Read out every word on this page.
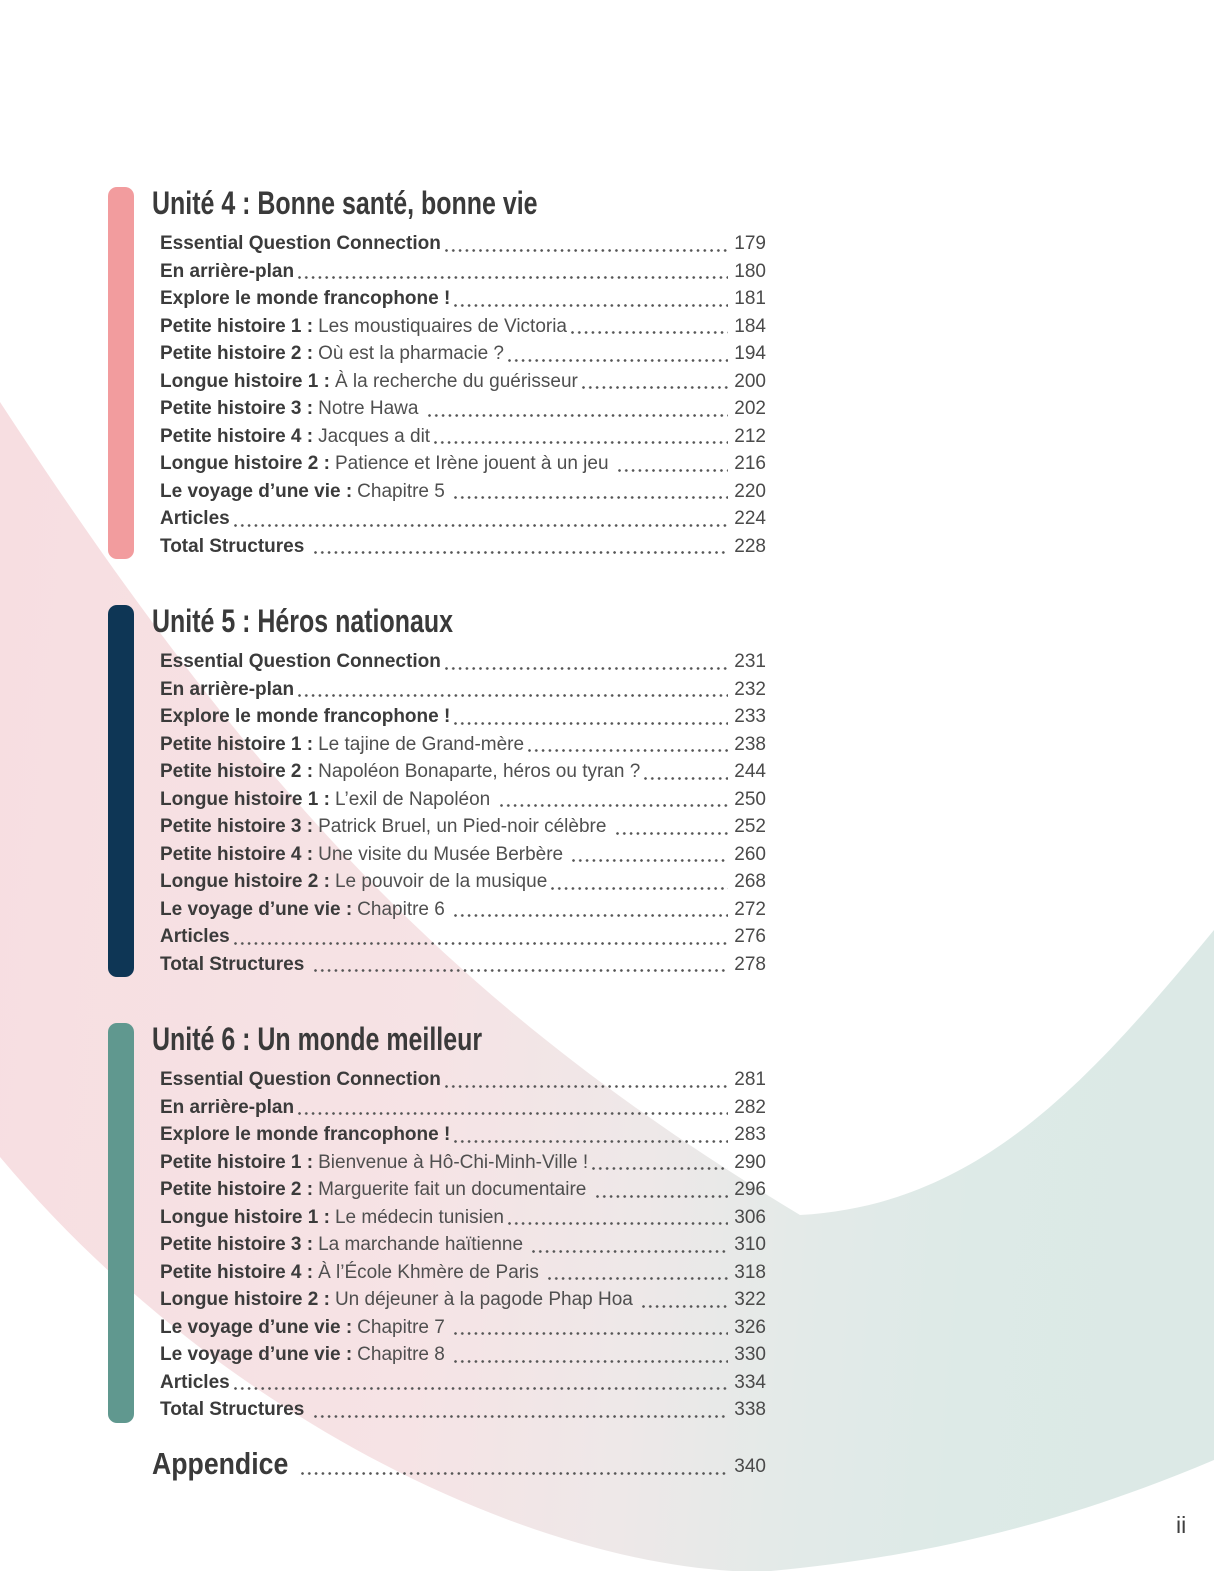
Unité 4 : Bonne santé, bonne vie
Essential Question Connection	179
En arrière-plan	180
Explore le monde francophone !	181
Petite histoire 1 : Les moustiquaires de Victoria	184
Petite histoire 2 : Où est la pharmacie ?	194
Longue histoire 1 : À la recherche du guérisseur	200
Petite histoire 3 : Notre Hawa	202
Petite histoire 4 : Jacques a dit	212
Longue histoire 2 : Patience et Irène jouent à un jeu	216
Le voyage d’une vie : Chapitre 5	220
Articles	224
Total Structures	228
Unité 5 : Héros nationaux
Essential Question Connection	231
En arrière-plan	232
Explore le monde francophone !	233
Petite histoire 1 : Le tajine de Grand-mère	238
Petite histoire 2 : Napoléon Bonaparte, héros ou tyran ?	244
Longue histoire 1 : L’exil de Napoléon	250
Petite histoire 3 : Patrick Bruel, un Pied-noir célèbre	252
Petite histoire 4 : Une visite du Musée Berbère	260
Longue histoire 2 : Le pouvoir de la musique	268
Le voyage d’une vie : Chapitre 6	272
Articles	276
Total Structures	278
Unité 6 : Un monde meilleur
Essential Question Connection	281
En arrière-plan	282
Explore le monde francophone !	283
Petite histoire 1 : Bienvenue à Hô-Chi-Minh-Ville !	290
Petite histoire 2 : Marguerite fait un documentaire	296
Longue histoire 1 : Le médecin tunisien	306
Petite histoire 3 : La marchande haïtienne	310
Petite histoire 4 : À l’École Khmère de Paris	318
Longue histoire 2 : Un déjeuner à la pagode Phap Hoa	322
Le voyage d’une vie : Chapitre 7	326
Le voyage d’une vie : Chapitre 8	330
Articles	334
Total Structures	338
Appendice	340
ii
